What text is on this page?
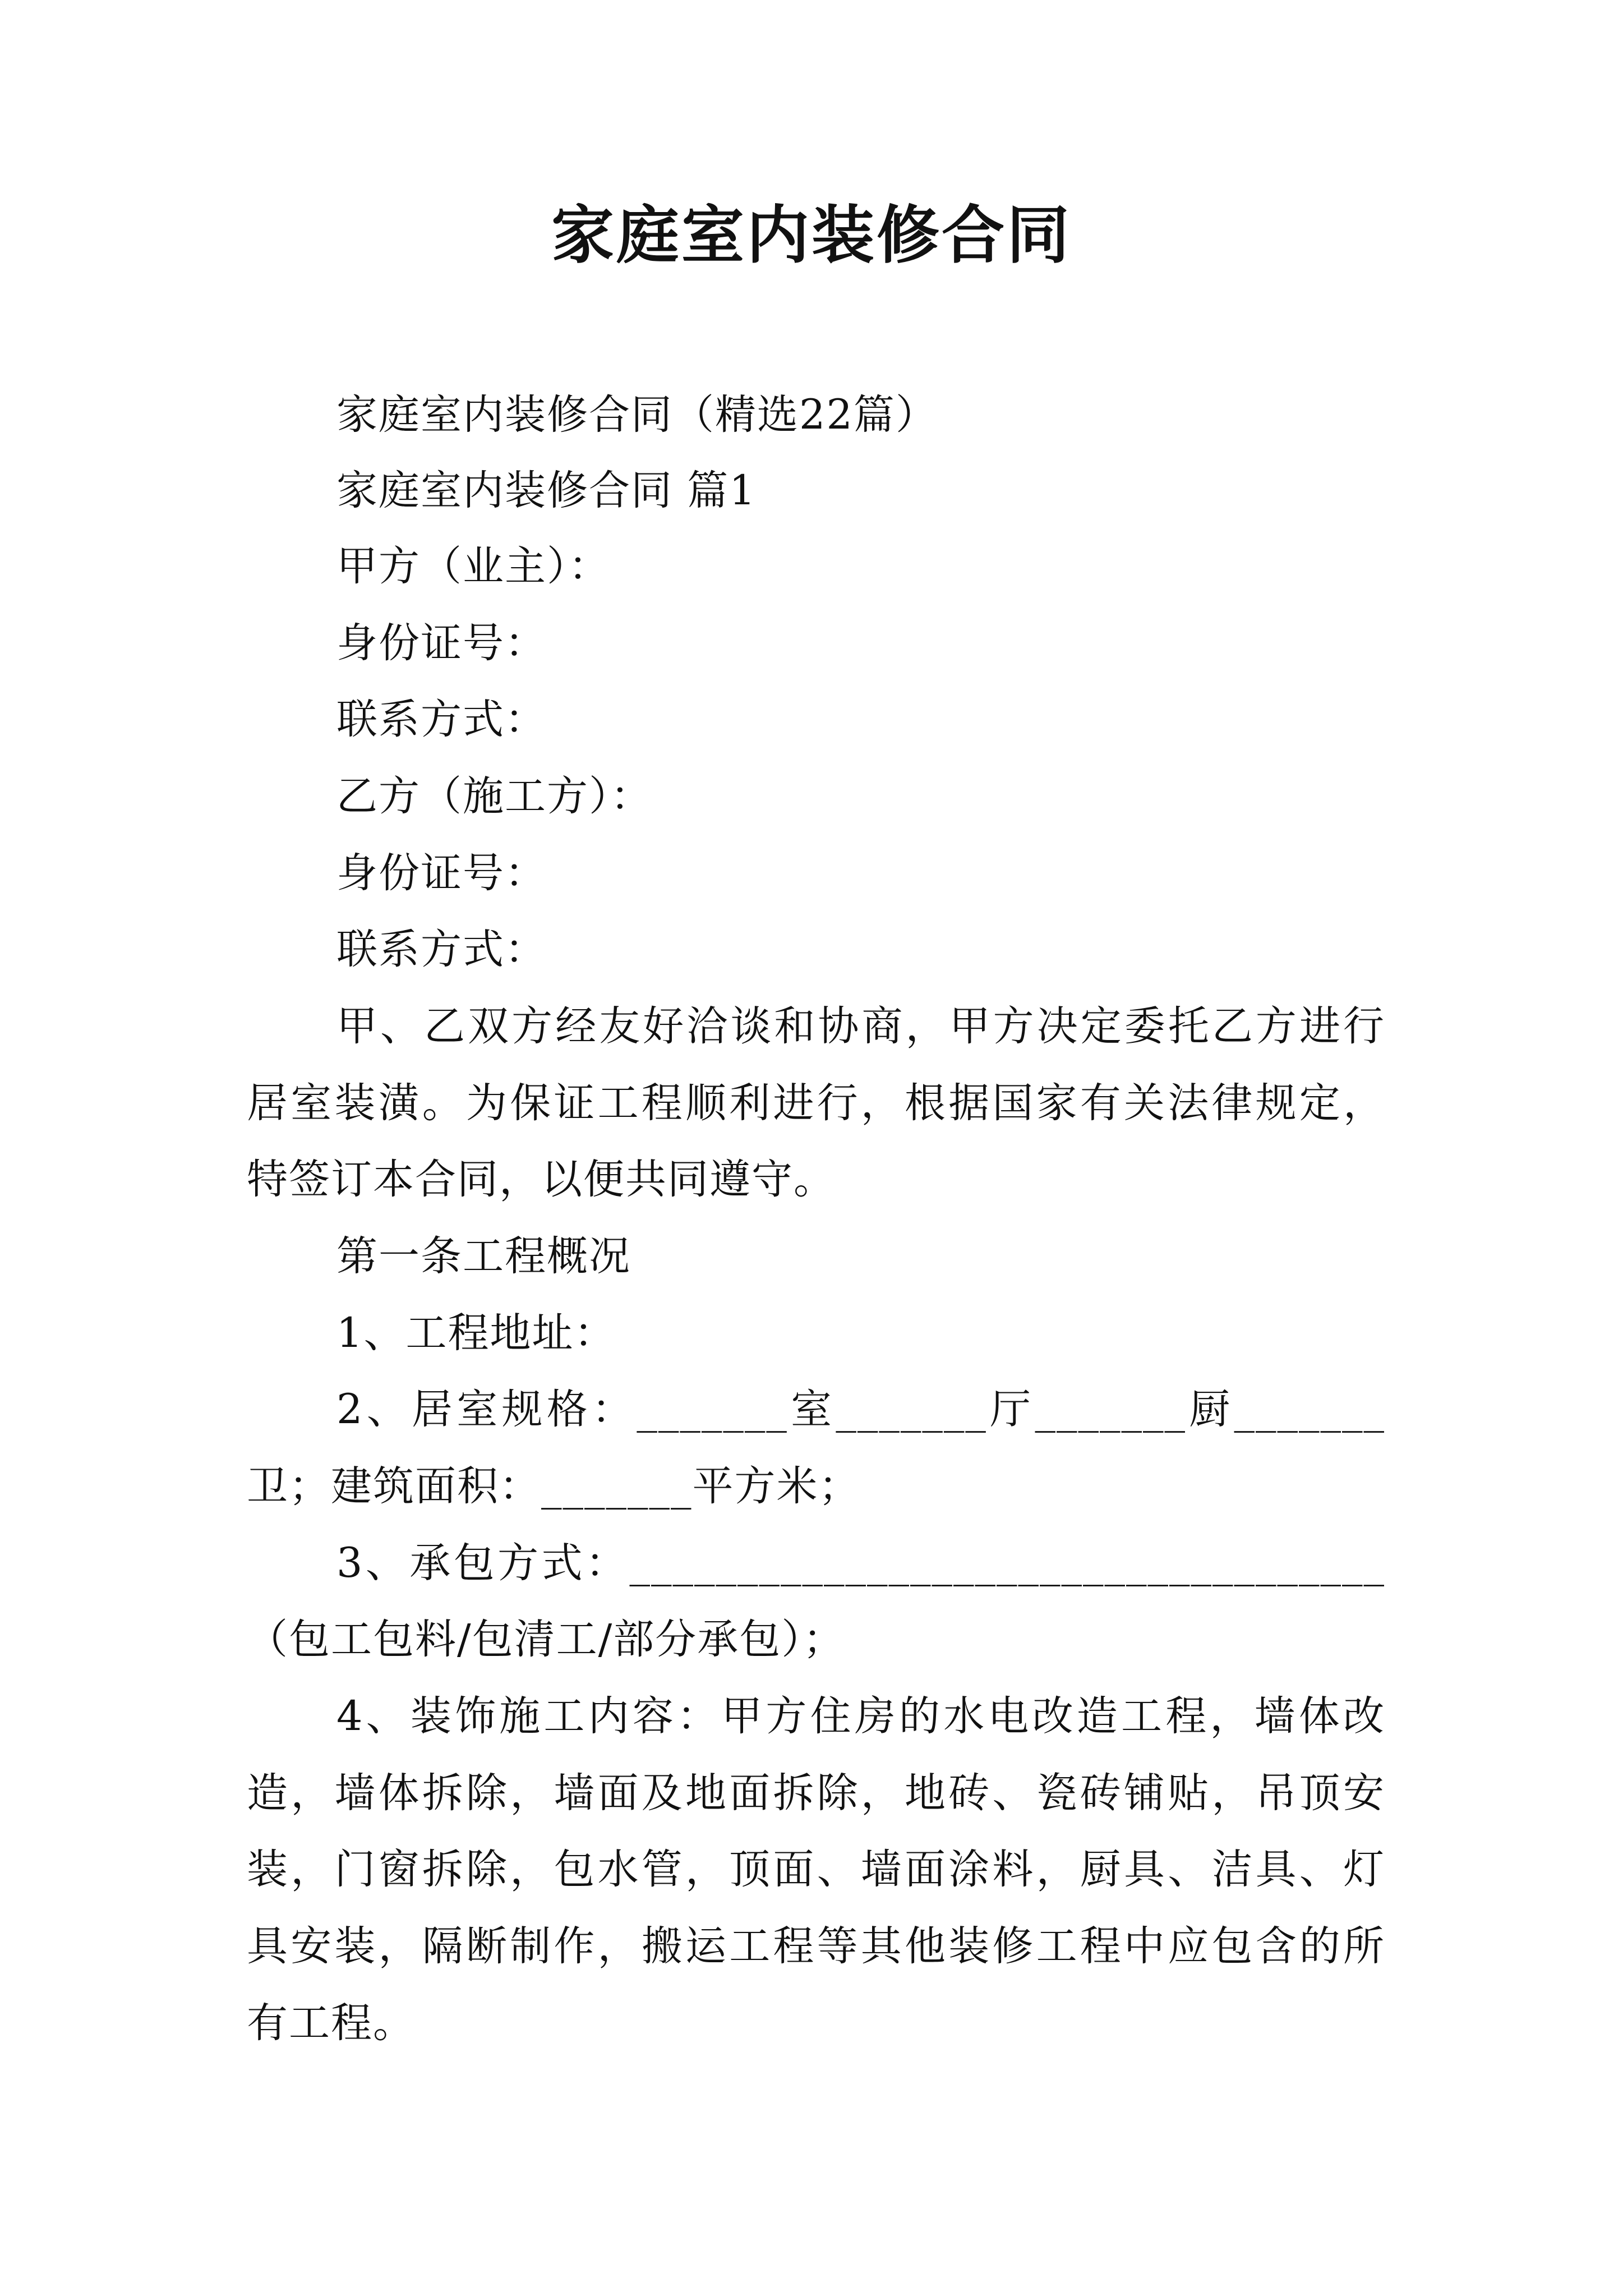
家庭室内装修合同

家庭室内装修合同（精选22篇）

家庭室内装修合同 篇1

甲方（业主）：

身份证号：

联系方式：

乙方（施工方）：

身份证号：

联系方式：

甲、乙双方经友好洽谈和协商，甲方决定委托乙方进行

居室装潢。为保证工程顺利进行，根据国家有关法律规定，

特签订本合同，以便共同遵守。

第一条工程概况

1、工程地址：

2、居室规格：_______室_______厅_______厨_______

卫；建筑面积：_______平方米；

3、承包方式：___________________________________

（包工包料/包清工/部分承包）；

4、装饰施工内容：甲方住房的水电改造工程，墙体改

造，墙体拆除，墙面及地面拆除，地砖、瓷砖铺贴，吊顶安

装，门窗拆除，包水管，顶面、墙面涂料，厨具、洁具、灯

具安装，隔断制作，搬运工程等其他装修工程中应包含的所

有工程。
